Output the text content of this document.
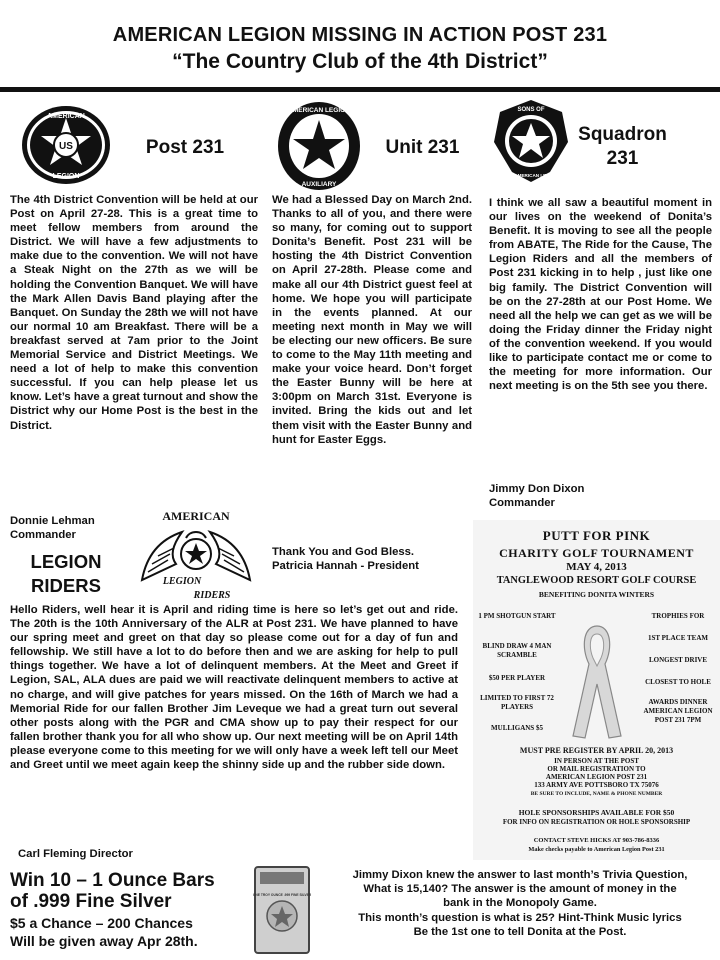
AMERICAN LEGION MISSING IN ACTION POST 231
“The Country Club of the 4th District”
US
AMERICAN
LEGION
Post 231
AMERICAN LEGION
AUXILIARY
Unit 231
SONS OF
THE AMERICAN LEGION
Squadron
231
The 4th District Convention will be held at our Post on April 27-28. This is a great time to meet fellow members from around the District. We will have a few adjustments to make due to the convention. We will not have a Steak Night on the 27th as we will be holding the Convention Banquet. We will have the Mark Allen Davis Band playing after the Banquet. On Sunday the 28th we will not have our normal 10 am Breakfast. There will be a breakfast served at 7am prior to the Joint Memorial Service and District Meetings. We need a lot of help to make this convention successful. If you can help please let us know. Let’s have a great turnout and show the District why our Home Post is the best in the District.
Donnie Lehman
Commander
We had a Blessed Day on March 2nd. Thanks to all of you, and there were so many, for coming out to support Donita’s Benefit. Post 231 will be hosting the 4th District Convention on April 27-28th. Please come and make all our 4th District guest feel at home. We hope you will participate in the events planned. At our meeting next month in May we will be electing our new officers. Be sure to come to the May 11th meeting and make your voice heard. Don’t forget the Easter Bunny will be here at 3:00pm on March 31st. Everyone is invited. Bring the kids out and let them visit with the Easter Bunny and hunt for Easter Eggs.
Thank You and God Bless.
Patricia Hannah - President
I think we all saw a beautiful moment in our lives on the weekend of Donita’s Benefit. It is moving to see all the people from ABATE, The Ride for the Cause, The Legion Riders and all the members of Post 231 kicking in to help , just like one big family. The District Convention will be on the 27-28th at our Post Home. We need all the help we can get as we will be doing the Friday dinner the Friday night of the convention weekend. If you would like to participate contact me or come to the meeting for more information. Our next meeting is on the 5th see you there.
Jimmy Don Dixon
Commander
LEGION
RIDERS
AMERICAN
LEGION
RIDERS
Hello Riders, well hear it is April and riding time is here so let’s get out and ride. The 20th is the 10th Anniversary of the ALR at Post 231. We have planned to have our spring meet and greet on that day so please come out for a day of fun and fellowship. We still have a lot to do before then and we are asking for help to pull things together. We have a lot of delinquent members. At the Meet and Greet if Legion, SAL, ALA dues are paid we will reactivate delinquent members to active at no charge, and will give patches for years missed. On the 16th of March we had a Memorial Ride for our fallen Brother Jim Leveque we had a great turn out several other posts along with the PGR and CMA show up to pay their respect for our fallen brother thank you for all who show up. Our next meeting will be on April 14th please everyone come to this meeting for we will only have a week left tell our Meet and Greet until we meet again keep the shinny side up and the rubber side down.
Carl Fleming Director
PUTT FOR PINK
CHARITY GOLF TOURNAMENT
MAY 4, 2013
TANGLEWOOD RESORT GOLF COURSE
BENEFITING DONITA WINTERS
1 PM SHOTGUN START
BLIND DRAW 4 MAN SCRAMBLE
$50 PER PLAYER
LIMITED TO FIRST 72 PLAYERS
MULLIGANS $5
TROPHIES FOR
1ST PLACE TEAM
LONGEST DRIVE
CLOSEST TO HOLE
AWARDS DINNER AMERICAN LEGION POST 231 7PM
MUST PRE REGISTER BY APRIL 20, 2013
IN PERSON AT THE POST
OR MAIL REGISTRATION TO
AMERICAN LEGION POST 231
133 ARMY AVE POTTSBORO TX 75076
BE SURE TO INCLUDE, NAME & PHONE NUMBER
HOLE SPONSORSHIPS AVAILABLE FOR $50
FOR INFO ON REGISTRATION OR HOLE SPONSORSHIP
CONTACT STEVE HICKS AT 903-786-8336
Make checks payable to American Legion Post 231
Win 10 – 1 Ounce Bars
of .999 Fine Silver
$5 a Chance – 200 Chances
Will be given away Apr 28th.
ONE TROY OUNCE .999 FINE SILVER
Jimmy Dixon knew the answer to last month’s Trivia Question,
What is 15,140? The answer is the amount of money in the
bank in the Monopoly Game.
This month’s question is what is 25? Hint-Think Music lyrics
Be the 1st one to tell Donita at the Post.
